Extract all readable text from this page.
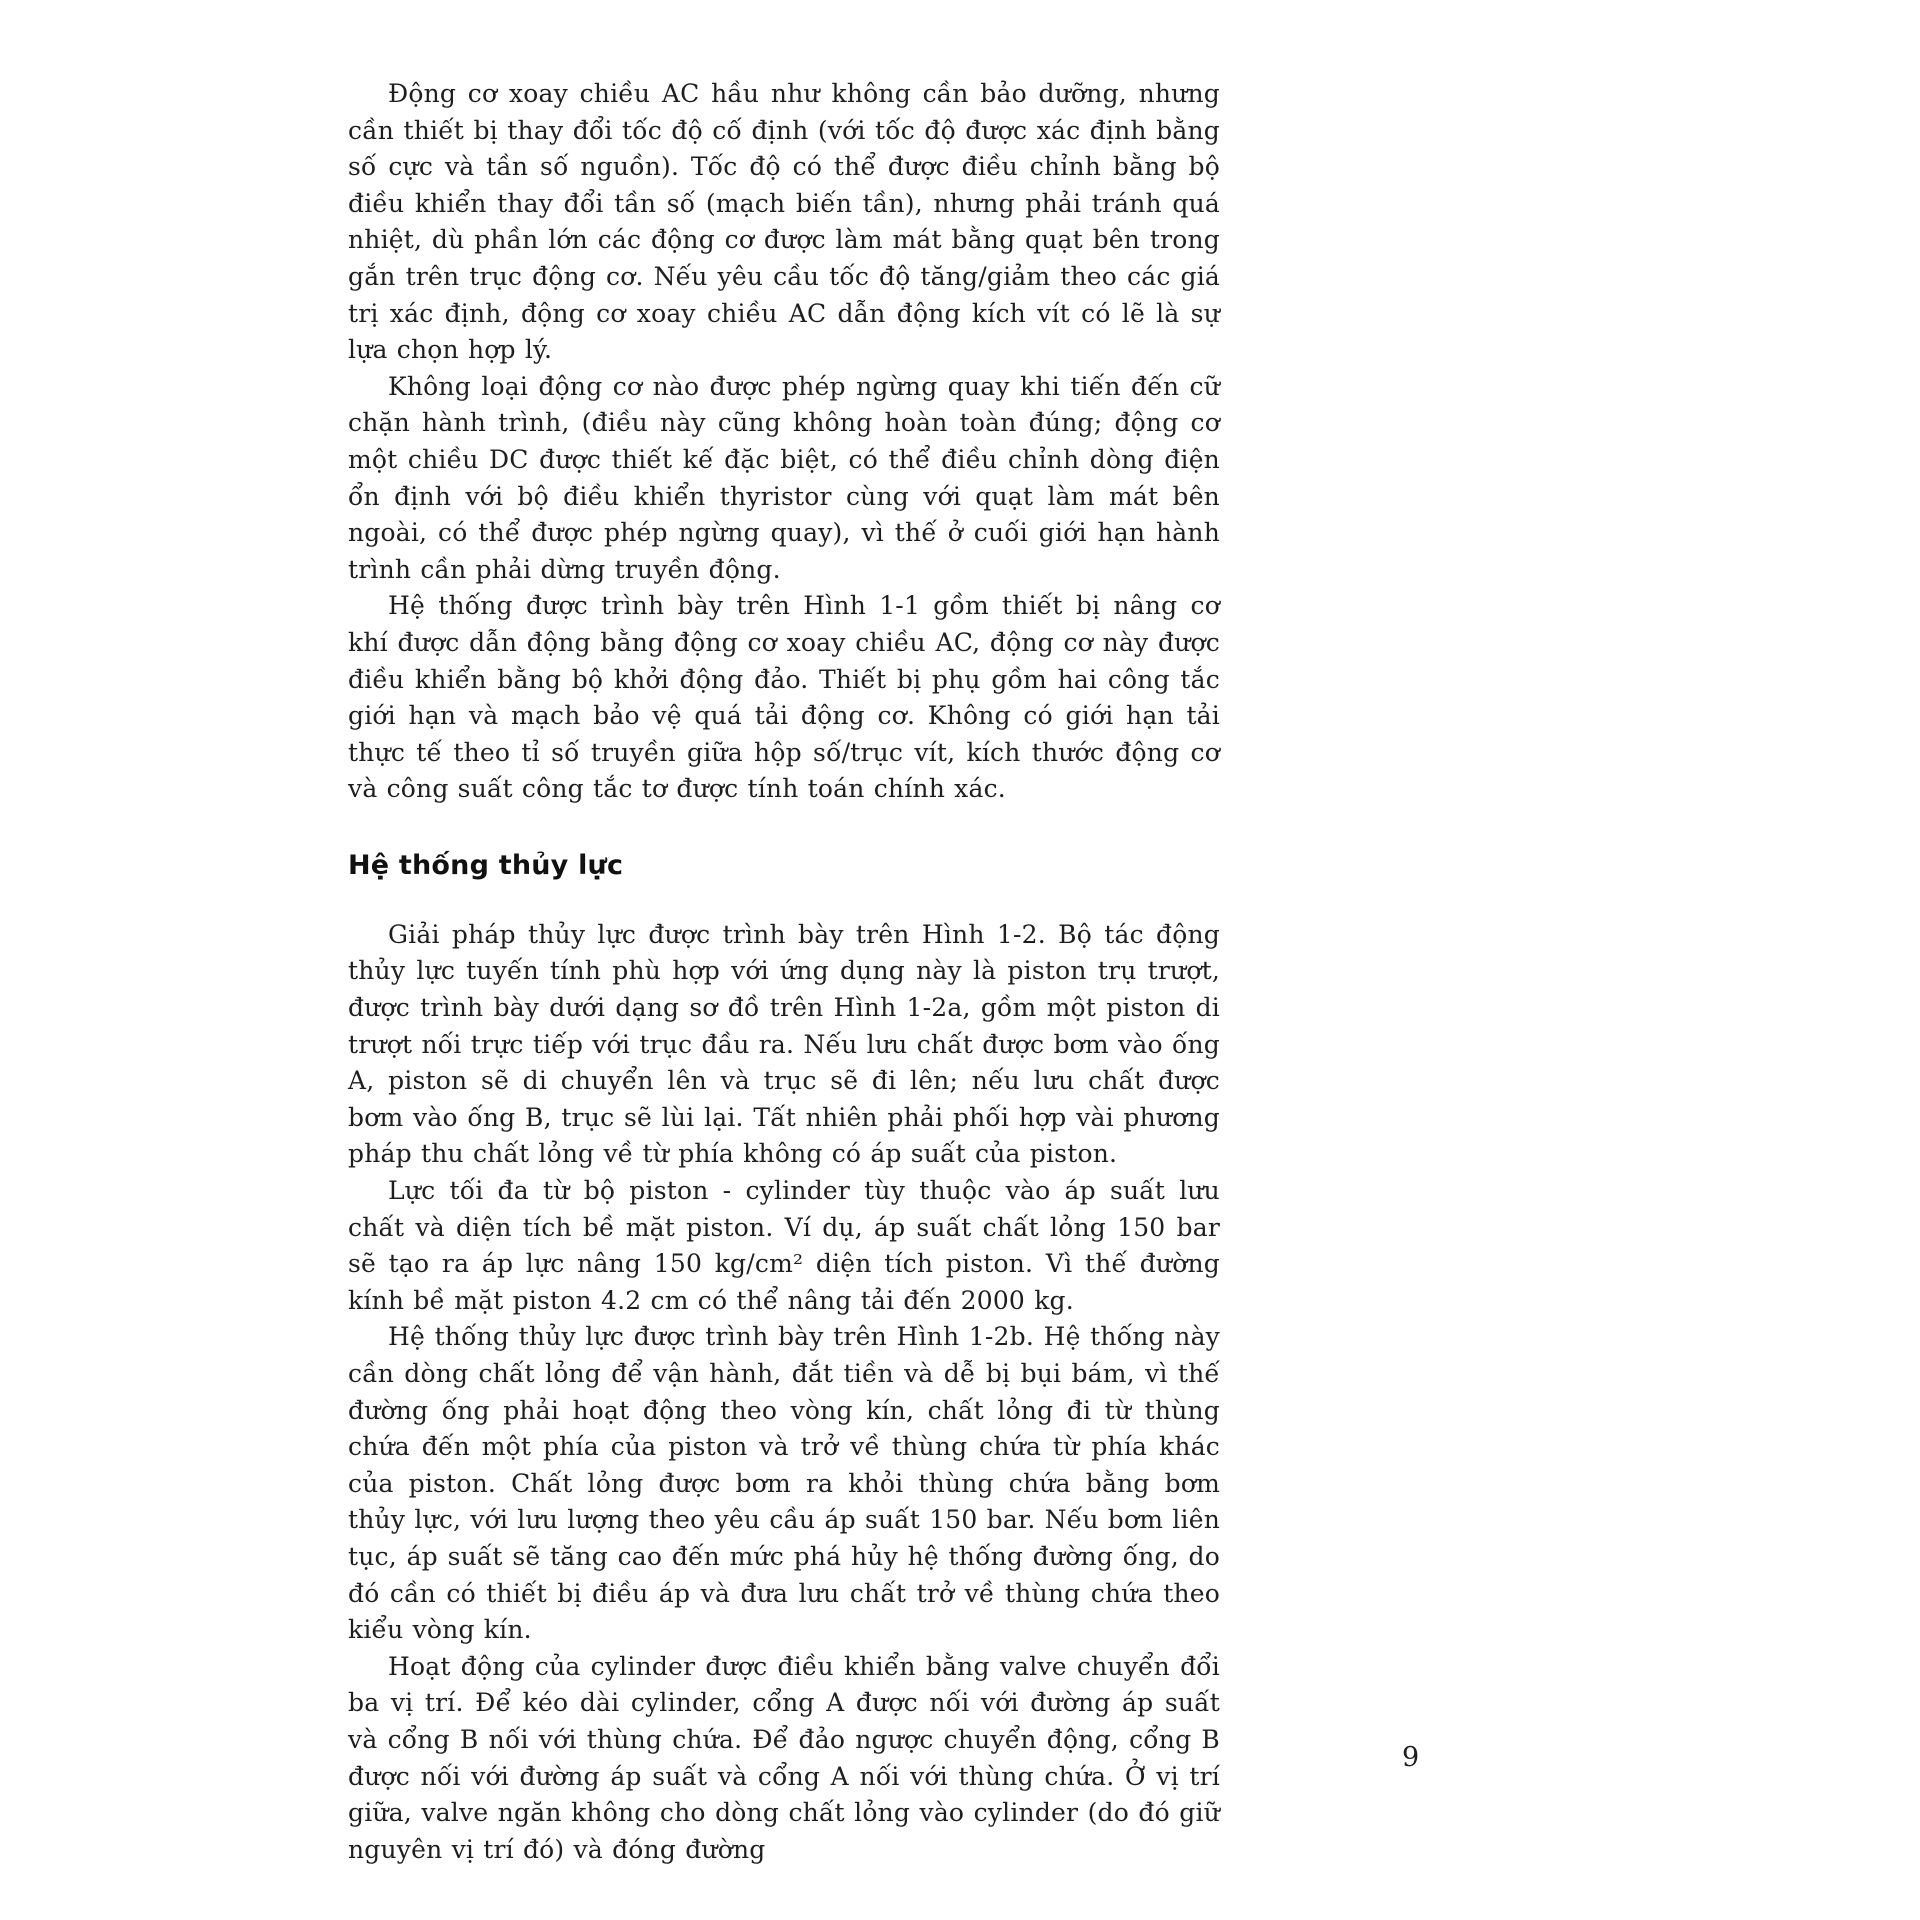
Động cơ xoay chiều AC hầu như không cần bảo dưỡng, nhưng cần thiết bị thay đổi tốc độ cố định (với tốc độ được xác định bằng số cực và tần số nguồn). Tốc độ có thể được điều chỉnh bằng bộ điều khiển thay đổi tần số (mạch biến tần), nhưng phải tránh quá nhiệt, dù phần lớn các động cơ được làm mát bằng quạt bên trong gắn trên trục động cơ. Nếu yêu cầu tốc độ tăng/giảm theo các giá trị xác định, động cơ xoay chiều AC dẫn động kích vít có lẽ là sự lựa chọn hợp lý.

Không loại động cơ nào được phép ngừng quay khi tiến đến cữ chặn hành trình, (điều này cũng không hoàn toàn đúng; động cơ một chiều DC được thiết kế đặc biệt, có thể điều chỉnh dòng điện ổn định với bộ điều khiển thyristor cùng với quạt làm mát bên ngoài, có thể được phép ngừng quay), vì thế ở cuối giới hạn hành trình cần phải dừng truyền động.

Hệ thống được trình bày trên Hình 1-1 gồm thiết bị nâng cơ khí được dẫn động bằng động cơ xoay chiều AC, động cơ này được điều khiển bằng bộ khởi động đảo. Thiết bị phụ gồm hai công tắc giới hạn và mạch bảo vệ quá tải động cơ. Không có giới hạn tải thực tế theo tỉ số truyền giữa hộp số/trục vít, kích thước động cơ và công suất công tắc tơ được tính toán chính xác.

Hệ thống thủy lực

Giải pháp thủy lực được trình bày trên Hình 1-2. Bộ tác động thủy lực tuyến tính phù hợp với ứng dụng này là piston trụ trượt, được trình bày dưới dạng sơ đồ trên Hình 1-2a, gồm một piston di trượt nối trực tiếp với trục đầu ra. Nếu lưu chất được bơm vào ống A, piston sẽ di chuyển lên và trục sẽ đi lên; nếu lưu chất được bơm vào ống B, trục sẽ lùi lại. Tất nhiên phải phối hợp vài phương pháp thu chất lỏng về từ phía không có áp suất của piston.

Lực tối đa từ bộ piston - cylinder tùy thuộc vào áp suất lưu chất và diện tích bề mặt piston. Ví dụ, áp suất chất lỏng 150 bar sẽ tạo ra áp lực nâng 150 kg/cm² diện tích piston. Vì thế đường kính bề mặt piston 4.2 cm có thể nâng tải đến 2000 kg.

Hệ thống thủy lực được trình bày trên Hình 1-2b. Hệ thống này cần dòng chất lỏng để vận hành, đắt tiền và dễ bị bụi bám, vì thế đường ống phải hoạt động theo vòng kín, chất lỏng đi từ thùng chứa đến một phía của piston và trở về thùng chứa từ phía khác của piston. Chất lỏng được bơm ra khỏi thùng chứa bằng bơm thủy lực, với lưu lượng theo yêu cầu áp suất 150 bar. Nếu bơm liên tục, áp suất sẽ tăng cao đến mức phá hủy hệ thống đường ống, do đó cần có thiết bị điều áp và đưa lưu chất trở về thùng chứa theo kiểu vòng kín.

Hoạt động của cylinder được điều khiển bằng valve chuyển đổi ba vị trí. Để kéo dài cylinder, cổng A được nối với đường áp suất và cổng B nối với thùng chứa. Để đảo ngược chuyển động, cổng B được nối với đường áp suất và cổng A nối với thùng chứa. Ở vị trí giữa, valve ngăn không cho dòng chất lỏng vào cylinder (do đó giữ nguyên vị trí đó) và đóng đường

9
